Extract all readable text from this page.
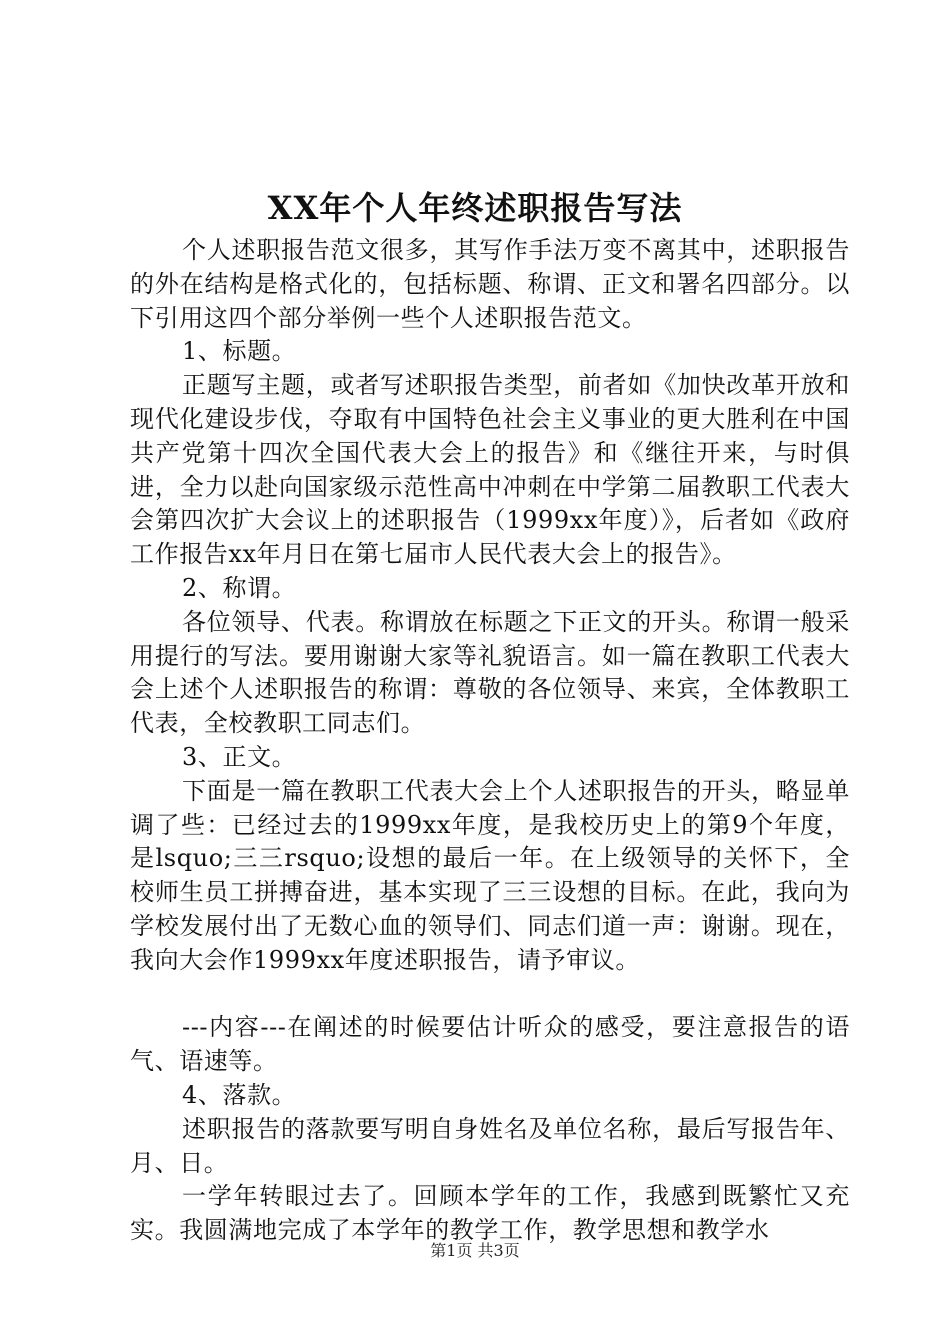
XX年个人年终述职报告写法

个人述职报告范文很多，其写作手法万变不离其中，述职报告的外在结构是格式化的，包括标题、称谓、正文和署名四部分。以下引用这四个部分举例一些个人述职报告范文。

1、标题。

正题写主题，或者写述职报告类型，前者如《加快改革开放和现代化建设步伐，夺取有中国特色社会主义事业的更大胜利在中国共产党第十四次全国代表大会上的报告》和《继往开来，与时俱进，全力以赴向国家级示范性高中冲刺在中学第二届教职工代表大会第四次扩大会议上的述职报告（1999xx年度）》，后者如《政府工作报告xx年月日在第七届市人民代表大会上的报告》。

2、称谓。

各位领导、代表。称谓放在标题之下正文的开头。称谓一般采用提行的写法。要用谢谢大家等礼貌语言。如一篇在教职工代表大会上述个人述职报告的称谓：尊敬的各位领导、来宾，全体教职工代表，全校教职工同志们。

3、正文。

下面是一篇在教职工代表大会上个人述职报告的开头，略显单调了些：已经过去的1999xx年度，是我校历史上的第9个年度，是lsquo;三三rsquo;设想的最后一年。在上级领导的关怀下，全校师生员工拼搏奋进，基本实现了三三设想的目标。在此，我向为学校发展付出了无数心血的领导们、同志们道一声：谢谢。现在，我向大会作1999xx年度述职报告，请予审议。

---内容---在阐述的时候要估计听众的感受，要注意报告的语气、语速等。

4、落款。

述职报告的落款要写明自身姓名及单位名称，最后写报告年、月、日。

一学年转眼过去了。回顾本学年的工作，我感到既繁忙又充实。我圆满地完成了本学年的教学工作，教学思想和教学水

第1页 共3页
